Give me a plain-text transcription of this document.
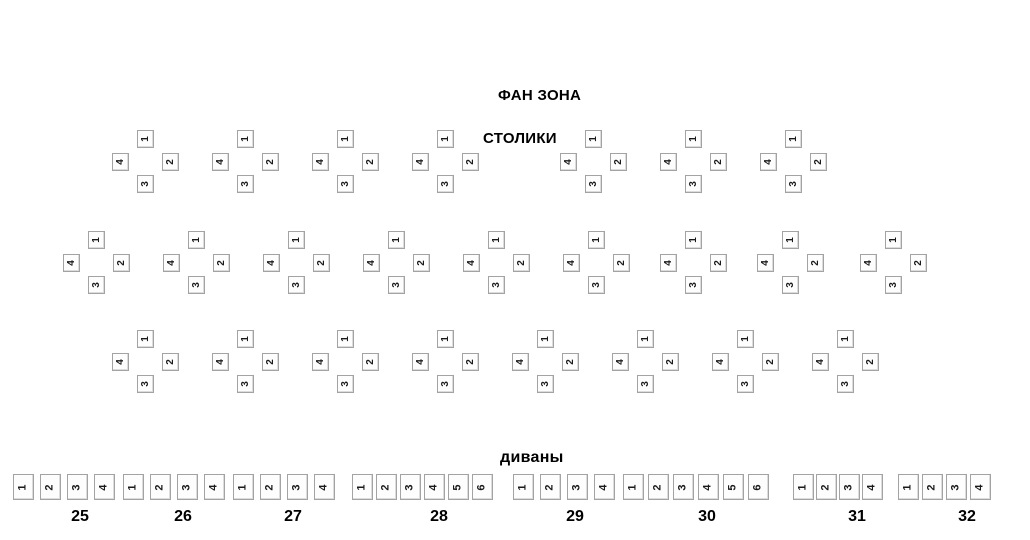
ФАН ЗОНА
СТОЛИКИ
диваны
1
2
3
4
1
2
3
4
1
2
3
4
1
2
3
4
1
2
3
4
1
2
3
4
1
2
3
4
1
2
3
4
1
2
3
4
1
2
3
4
1
2
3
4
1
2
3
4
1
2
3
4
1
2
3
4
1
2
3
4
1
2
3
4
1
2
3
4
1
2
3
4
1
2
3
4
1
2
3
4
1
2
3
4
1
2
3
4
1
2
3
4
1
2
3
4
1 2 3 4
25
1 2 3 4
26
1 2 3 4
27
1 2 3 4 5 6
28
1 2 3 4
29
1 2 3 4 5 6
30
1 2 3 4
31
1 2 3 4
32
